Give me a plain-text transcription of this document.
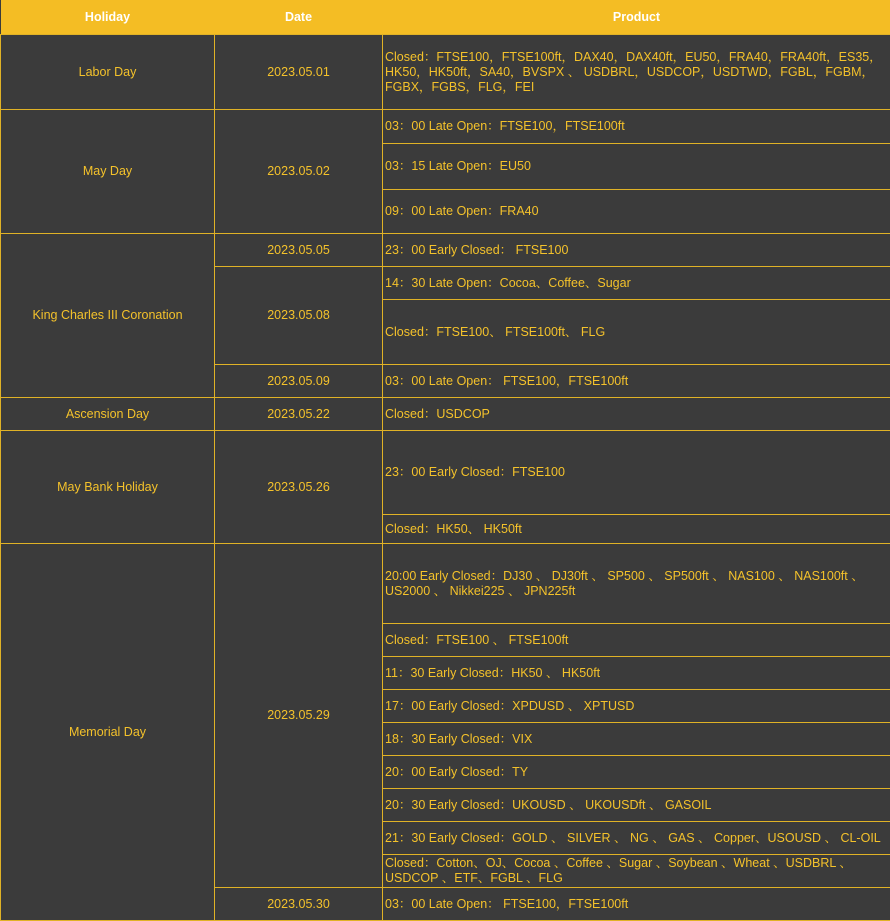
Holiday	Date	Product
Labor Day	2023.05.01	Closed：FTSE100，FTSE100ft，DAX40，DAX40ft，EU50，FRA40，FRA40ft，ES35，HK50，HK50ft，SA40，BVSPX 、 USDBRL，USDCOP，USDTWD，FGBL，FGBM，FGBX，FGBS，FLG，FEI
May Day	2023.05.02	03：00 Late Open：FTSE100，FTSE100ft
		03：15 Late Open：EU50
		09：00 Late Open：FRA40
King Charles III Coronation	2023.05.05	23：00 Early Closed： FTSE100
	2023.05.08	14：30 Late Open：Cocoa、Coffee、Sugar
		Closed：FTSE100、 FTSE100ft、 FLG
	2023.05.09	03：00 Late Open： FTSE100，FTSE100ft
Ascension Day	2023.05.22	Closed：USDCOP
May Bank Holiday	2023.05.26	23：00 Early Closed：FTSE100
		Closed：HK50、 HK50ft
Memorial Day	2023.05.29	20:00 Early Closed：DJ30 、 DJ30ft 、 SP500 、 SP500ft 、 NAS100 、 NAS100ft 、 US2000 、 Nikkei225 、 JPN225ft
		Closed：FTSE100 、 FTSE100ft
		11：30 Early Closed：HK50 、 HK50ft
		17：00 Early Closed：XPDUSD 、 XPTUSD
		18：30 Early Closed：VIX
		20：00 Early Closed：TY
		20：30 Early Closed：UKOUSD 、 UKOUSDft 、 GASOIL
		21：30 Early Closed：GOLD 、 SILVER 、 NG 、 GAS 、 Copper、USOUSD 、 CL-OIL
		Closed：Cotton、OJ、Cocoa 、Coffee 、Sugar 、Soybean 、Wheat 、USDBRL 、USDCOP 、ETF、FGBL 、FLG
	2023.05.30	03：00 Late Open： FTSE100，FTSE100ft
